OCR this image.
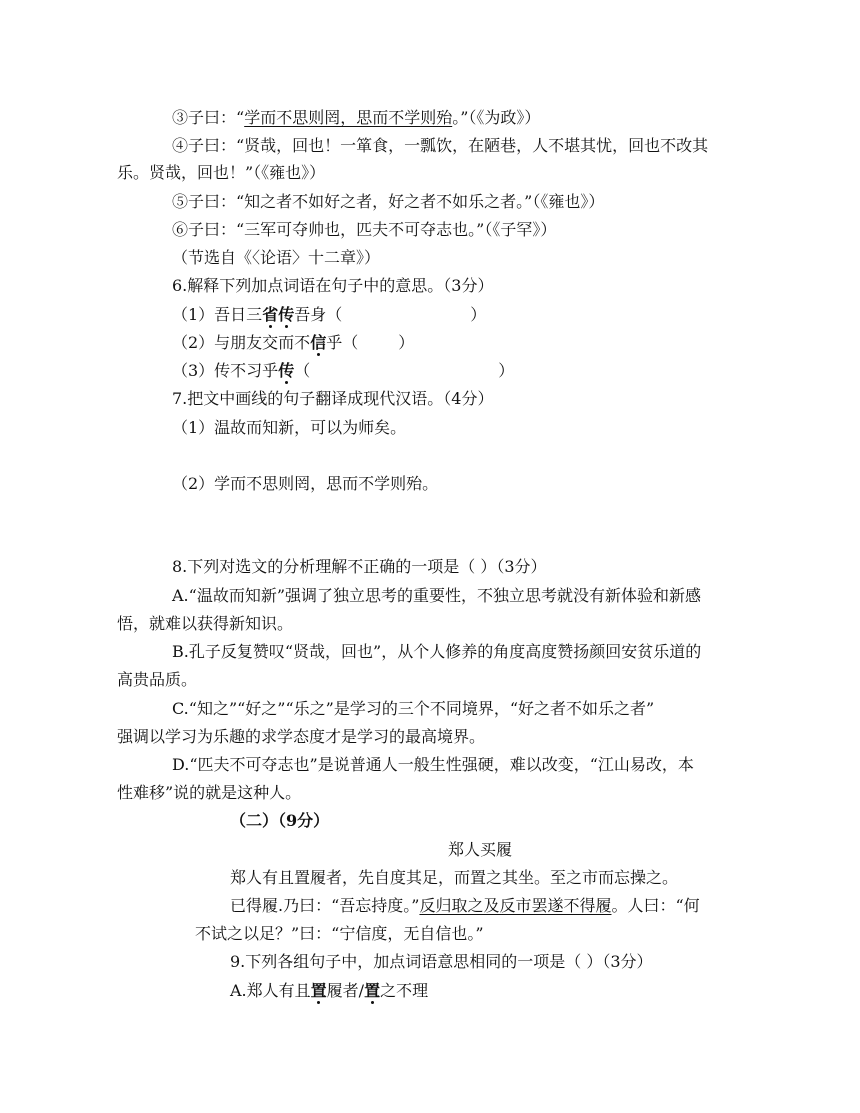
③子曰：“学而不思则罔，思而不学则殆。”（《为政》）
④子曰：“贤哉，回也！一箪食，一瓢饮，在陋巷，人不堪其忧，回也不改其
乐。贤哉，回也！”（《雍也》）
⑤子曰：“知之者不如好之者，好之者不如乐之者。”（《雍也》）
⑥子曰：“三军可夺帅也，匹夫不可夺志也。”（《子罕》）
（节选自《〈论语〉十二章》）
6.解释下列加点词语在句子中的意思。（3分）
（1）吾日三省传吾身（	）
（2）与朋友交而不信乎（	）
（3）传不习乎传（	）
7.把文中画线的句子翻译成现代汉语。（4分）
（1）温故而知新，可以为师矣。
（2）学而不思则罔，思而不学则殆。
8.下列对选文的分析理解不正确的一项是（ ）（3分）
A.“温故而知新”强调了独立思考的重要性，不独立思考就没有新体验和新感
悟，就难以获得新知识。
B.孔子反复赞叹“贤哉，回也”，从个人修养的角度高度赞扬颜回安贫乐道的
高贵品质。
C.“知之”“好之”“乐之”是学习的三个不同境界，“好之者不如乐之者”
强调以学习为乐趣的求学态度才是学习的最高境界。
D.“匹夫不可夺志也”是说普通人一般生性强硬，难以改变，“江山易改，本
性难移”说的就是这种人。
（二）（9分）
郑人买履
郑人有且置履者，先自度其足，而置之其坐。至之市而忘操之。
已得履.乃曰：“吾忘持度。”反归取之及反市罢遂不得履。人曰：“何
不试之以足？”曰：“宁信度，无自信也。”
9.下列各组句子中，加点词语意思相同的一项是（ ）（3分）
A.郑人有且置履者/置之不理
